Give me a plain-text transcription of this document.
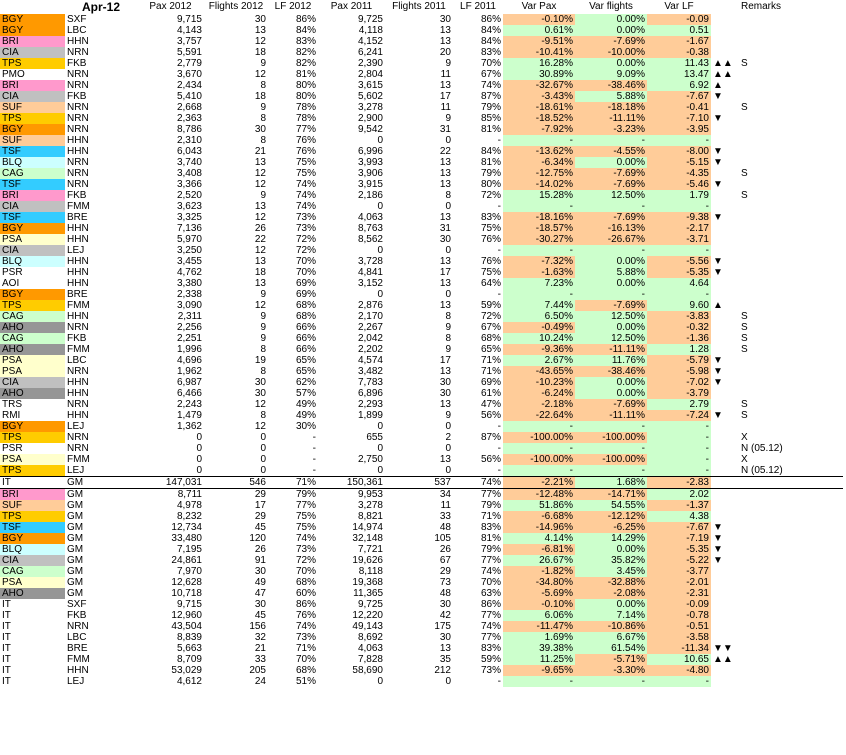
	Apr-12	Pax 2012	Flights 2012	LF 2012	Pax 2011	Flights 2011	LF 2011	Var Pax	Var flights	Var LF		Remarks
BGY	SXF	9,715	30	86%	9,725	30	86%	-0.10%	0.00%	-0.09		
BGY	LBC	4,143	13	84%	4,118	13	84%	0.61%	0.00%	0.51		
BRI	HHN	3,757	12	83%	4,152	13	84%	-9.51%	-7.69%	-1.67		
CIA	NRN	5,591	18	82%	6,241	20	83%	-10.41%	-10.00%	-0.38		
TPS	FKB	2,779	9	82%	2,390	9	70%	16.28%	0.00%	11.43	▲▲	S
PMO	NRN	3,670	12	81%	2,804	11	67%	30.89%	9.09%	13.47	▲▲	
BRI	NRN	2,434	8	80%	3,615	13	74%	-32.67%	-38.46%	6.92	▲	
CIA	FKB	5,410	18	80%	5,602	17	87%	-3.43%	5.88%	-7.67	▼	
SUF	NRN	2,668	9	78%	3,278	11	79%	-18.61%	-18.18%	-0.41		S
TPS	NRN	2,363	8	78%	2,900	9	85%	-18.52%	-11.11%	-7.10	▼	
BGY	NRN	8,786	30	77%	9,542	31	81%	-7.92%	-3.23%	-3.95		
SUF	HHN	2,310	8	76%	0	0	-	-	-	-		
TSF	HHN	6,043	21	76%	6,996	22	84%	-13.62%	-4.55%	-8.00	▼	
BLQ	NRN	3,740	13	75%	3,993	13	81%	-6.34%	0.00%	-5.15	▼	
CAG	NRN	3,408	12	75%	3,906	13	79%	-12.75%	-7.69%	-4.35		S
TSF	NRN	3,366	12	74%	3,915	13	80%	-14.02%	-7.69%	-5.46	▼	
BRI	FKB	2,520	9	74%	2,186	8	72%	15.28%	12.50%	1.79		S
CIA	FMM	3,623	13	74%	0	0	-	-	-	-		
TSF	BRE	3,325	12	73%	4,063	13	83%	-18.16%	-7.69%	-9.38	▼	
BGY	HHN	7,136	26	73%	8,763	31	75%	-18.57%	-16.13%	-2.17		
PSA	HHN	5,970	22	72%	8,562	30	76%	-30.27%	-26.67%	-3.71		
CIA	LEJ	3,250	12	72%	0	0	-	-	-	-		
BLQ	HHN	3,455	13	70%	3,728	13	76%	-7.32%	0.00%	-5.56	▼	
PSR	HHN	4,762	18	70%	4,841	17	75%	-1.63%	5.88%	-5.35	▼	
AOI	HHN	3,380	13	69%	3,152	13	64%	7.23%	0.00%	4.64		
BGY	BRE	2,338	9	69%	0	0	-	-	-	-		
TPS	FMM	3,090	12	68%	2,876	13	59%	7.44%	-7.69%	9.60	▲	
CAG	HHN	2,311	9	68%	2,170	8	72%	6.50%	12.50%	-3.83		S
AHO	NRN	2,256	9	66%	2,267	9	67%	-0.49%	0.00%	-0.32		S
CAG	FKB	2,251	9	66%	2,042	8	68%	10.24%	12.50%	-1.36		S
AHO	FMM	1,996	8	66%	2,202	9	65%	-9.36%	-11.11%	1.28		S
PSA	LBC	4,696	19	65%	4,574	17	71%	2.67%	11.76%	-5.79	▼	
PSA	NRN	1,962	8	65%	3,482	13	71%	-43.65%	-38.46%	-5.98	▼	
CIA	HHN	6,987	30	62%	7,783	30	69%	-10.23%	0.00%	-7.02	▼	
AHO	HHN	6,466	30	57%	6,896	30	61%	-6.24%	0.00%	-3.79		
TRS	NRN	2,243	12	49%	2,293	13	47%	-2.18%	-7.69%	2.79		S
RMI	HHN	1,479	8	49%	1,899	9	56%	-22.64%	-11.11%	-7.24	▼	S
BGY	LEJ	1,362	12	30%	0	0	-	-	-	-		
TPS	NRN	0	0	-	655	2	87%	-100.00%	-100.00%	-		X
PSR	NRN	0	0	-	0	0	-	-	-	-		N (05.12)
PSA	FMM	0	0	-	2,750	13	56%	-100.00%	-100.00%	-		X
TPS	LEJ	0	0	-	0	0	-	-	-	-		N (05.12)
IT	GM	147,031	546	71%	150,361	537	74%	-2.21%	1.68%	-2.83		
BRI	GM	8,711	29	79%	9,953	34	77%	-12.48%	-14.71%	2.02		
SUF	GM	4,978	17	77%	3,278	11	79%	51.86%	54.55%	-1.37		
TPS	GM	8,232	29	75%	8,821	33	71%	-6.68%	-12.12%	4.38		
TSF	GM	12,734	45	75%	14,974	48	83%	-14.96%	-6.25%	-7.67	▼	
BGY	GM	33,480	120	74%	32,148	105	81%	4.14%	14.29%	-7.19	▼	
BLQ	GM	7,195	26	73%	7,721	26	79%	-6.81%	0.00%	-5.35	▼	
CIA	GM	24,861	91	72%	19,626	67	77%	26.67%	35.82%	-5.22	▼	
CAG	GM	7,970	30	70%	8,118	29	74%	-1.82%	3.45%	-3.77		
PSA	GM	12,628	49	68%	19,368	73	70%	-34.80%	-32.88%	-2.01		
AHO	GM	10,718	47	60%	11,365	48	63%	-5.69%	-2.08%	-2.31		
IT	SXF	9,715	30	86%	9,725	30	86%	-0.10%	0.00%	-0.09		
IT	FKB	12,960	45	76%	12,220	42	77%	6.06%	7.14%	-0.78		
IT	NRN	43,504	156	74%	49,143	175	74%	-11.47%	-10.86%	-0.51		
IT	LBC	8,839	32	73%	8,692	30	77%	1.69%	6.67%	-3.58		
IT	BRE	5,663	21	71%	4,063	13	83%	39.38%	61.54%	-11.34	▼▼	
IT	FMM	8,709	33	70%	7,828	35	59%	11.25%	-5.71%	10.65	▲▲	
IT	HHN	53,029	205	68%	58,690	212	73%	-9.65%	-3.30%	-4.80		
IT	LEJ	4,612	24	51%	0	0	-	-	-	-		
